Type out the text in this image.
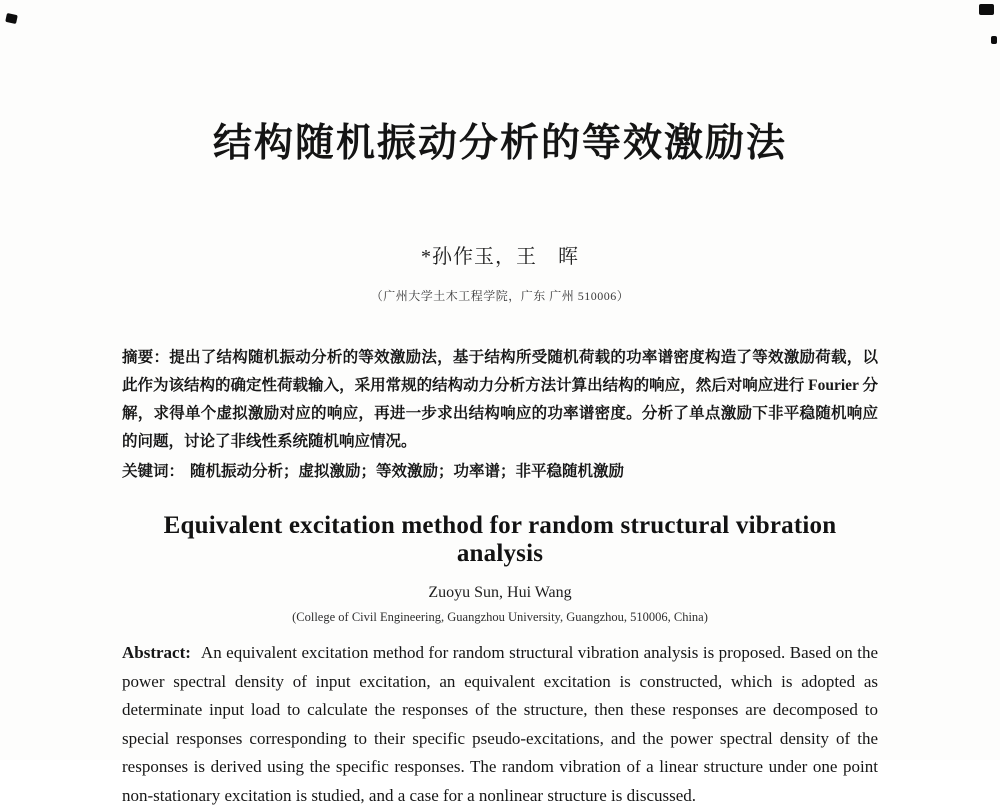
结构随机振动分析的等效激励法
*孙作玉，王　晖
（广州大学土木工程学院，广东 广州 510006）

摘要：提出了结构随机振动分析的等效激励法，基于结构所受随机荷载的功率谱密度构造了等效激励荷载，以此作为该结构的确定性荷载输入，采用常规的结构动力分析方法计算出结构的响应，然后对响应进行 Fourier 分解，求得单个虚拟激励对应的响应，再进一步求出结构响应的功率谱密度。分析了单点激励下非平稳随机响应的问题，讨论了非线性系统随机响应情况。

关键词： 随机振动分析；虚拟激励；等效激励；功率谱；非平稳随机激励

Equivalent excitation method for random structural vibration analysis
Zuoyu Sun, Hui Wang
(College of Civil Engineering, Guangzhou University, Guangzhou, 510006, China)

Abstract: An equivalent excitation method for random structural vibration analysis is proposed. Based on the power spectral density of input excitation, an equivalent excitation is constructed, which is adopted as determinate input load to calculate the responses of the structure, then these responses are decomposed to special responses corresponding to their specific pseudo-excitations, and the power spectral density of the responses is derived using the specific responses. The random vibration of a linear structure under one point non-stationary excitation is studied, and a case for a nonlinear structure is discussed.
